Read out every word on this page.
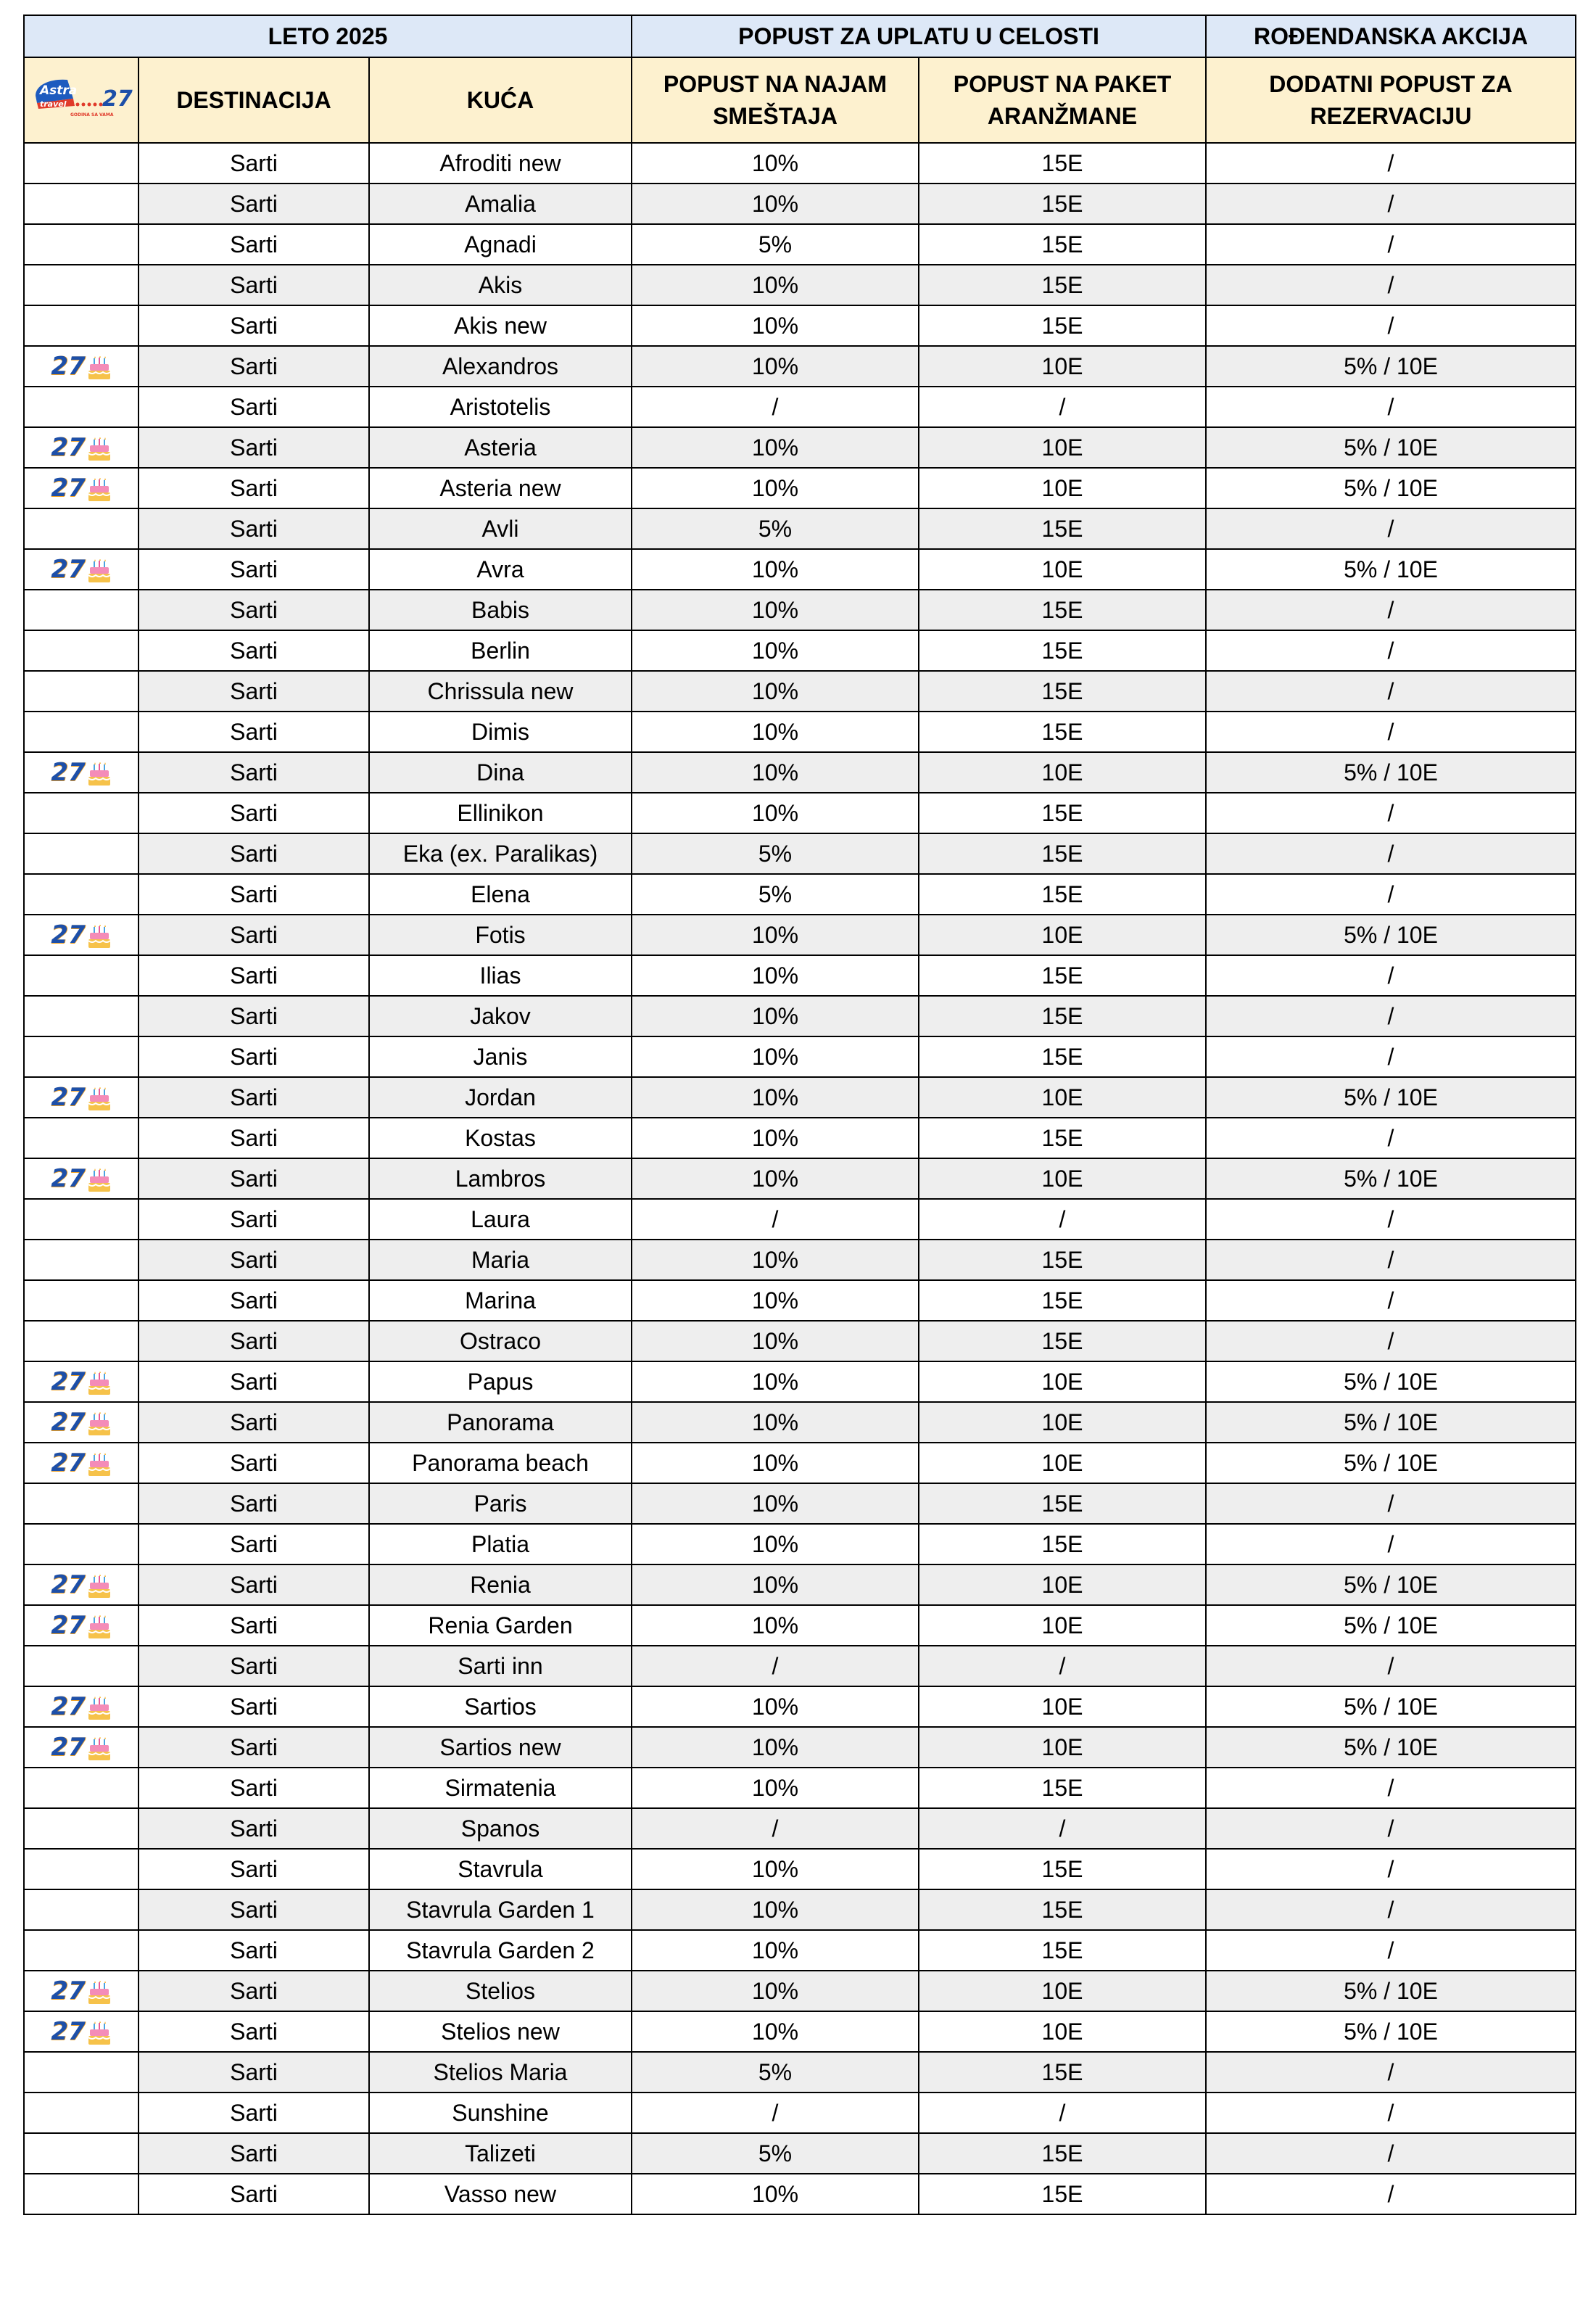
LETO 2025			POPUST ZA UPLATU U CELOSTI		ROĐENDANSKA AKCIJA

Astra
travel 27
GODINA SA VAMA	DESTINACIJA	KUĆA	POPUST NA NAJAM SMEŠTAJA	POPUST NA PAKET ARANŽMANE	DODATNI POPUST ZA REZERVACIJU
	Sarti	Afroditi new	10%	15E	/
	Sarti	Amalia	10%	15E	/
	Sarti	Agnadi	5%	15E	/
	Sarti	Akis	10%	15E	/
	Sarti	Akis new	10%	15E	/

27	Sarti	Alexandros	10%	10E	5% / 10E
	Sarti	Aristotelis	/	/	/

27	Sarti	Asteria	10%	10E	5% / 10E

27	Sarti	Asteria new	10%	10E	5% / 10E
	Sarti	Avli	5%	15E	/

27	Sarti	Avra	10%	10E	5% / 10E
	Sarti	Babis	10%	15E	/
	Sarti	Berlin	10%	15E	/
	Sarti	Chrissula new	10%	15E	/
	Sarti	Dimis	10%	15E	/

27	Sarti	Dina	10%	10E	5% / 10E
	Sarti	Ellinikon	10%	15E	/
	Sarti	Eka (ex. Paralikas)	5%	15E	/
	Sarti	Elena	5%	15E	/

27	Sarti	Fotis	10%	10E	5% / 10E
	Sarti	Ilias	10%	15E	/
	Sarti	Jakov	10%	15E	/
	Sarti	Janis	10%	15E	/

27	Sarti	Jordan	10%	10E	5% / 10E
	Sarti	Kostas	10%	15E	/

27	Sarti	Lambros	10%	10E	5% / 10E
	Sarti	Laura	/	/	/
	Sarti	Maria	10%	15E	/
	Sarti	Marina	10%	15E	/
	Sarti	Ostraco	10%	15E	/

27	Sarti	Papus	10%	10E	5% / 10E

27	Sarti	Panorama	10%	10E	5% / 10E

27	Sarti	Panorama beach	10%	10E	5% / 10E
	Sarti	Paris	10%	15E	/
	Sarti	Platia	10%	15E	/

27	Sarti	Renia	10%	10E	5% / 10E

27	Sarti	Renia Garden	10%	10E	5% / 10E
	Sarti	Sarti inn	/	/	/

27	Sarti	Sartios	10%	10E	5% / 10E

27	Sarti	Sartios new	10%	10E	5% / 10E
	Sarti	Sirmatenia	10%	15E	/
	Sarti	Spanos	/	/	/
	Sarti	Stavrula	10%	15E	/
	Sarti	Stavrula Garden 1	10%	15E	/
	Sarti	Stavrula Garden 2	10%	15E	/

27	Sarti	Stelios	10%	10E	5% / 10E

27	Sarti	Stelios new	10%	10E	5% / 10E
	Sarti	Stelios Maria	5%	15E	/
	Sarti	Sunshine	/	/	/
	Sarti	Talizeti	5%	15E	/
	Sarti	Vasso new	10%	15E	/
